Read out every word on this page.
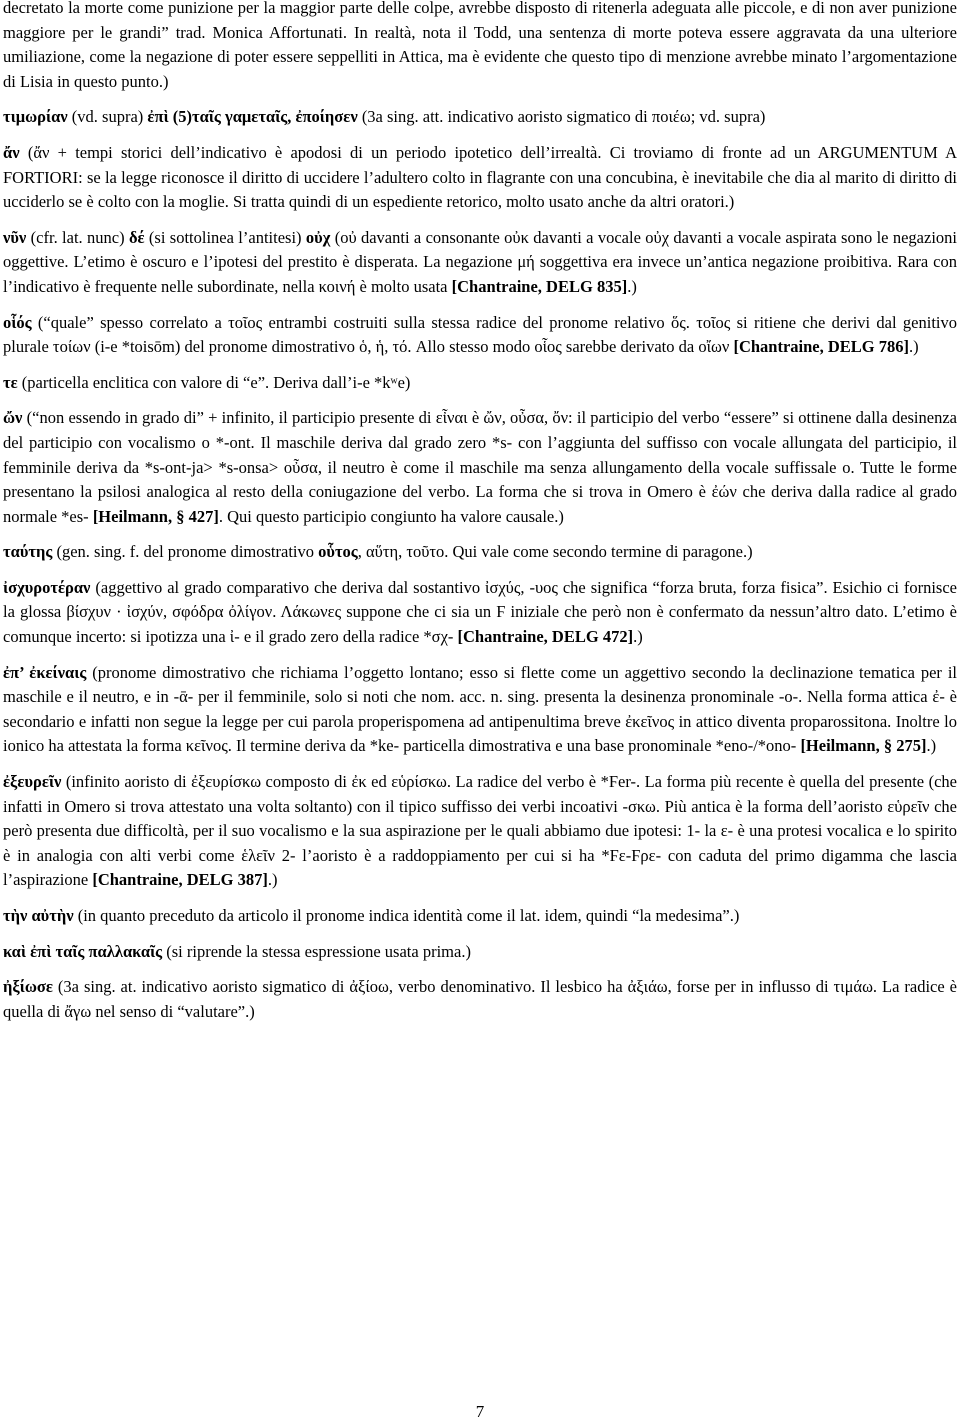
decretato la morte come punizione per la maggior parte delle colpe, avrebbe disposto di ritenerla adeguata alle piccole, e di non aver punizione maggiore per le grandi” trad. Monica Affortunati. In realtà, nota il Todd, una sentenza di morte poteva essere aggravata da una ulteriore umiliazione, come la negazione di poter essere seppelliti in Attica, ma è evidente che questo tipo di menzione avrebbe minato l’argomentazione di Lisia in questo punto.)

τιμωρίαν (vd. supra) ἐπὶ (5)ταῖς γαμεταῖς, ἐποίησεν (3a sing. att. indicativo aoristo sigmatico di ποιέω; vd. supra)

ἄν (ἄν + tempi storici dell’indicativo è apodosi di un periodo ipotetico dell’irrealtà. Ci troviamo di fronte ad un ARGUMENTUM A FORTIORI: se la legge riconosce il diritto di uccidere l’adultero colto in flagrante con una concubina, è inevitabile che dia al marito di diritto di ucciderlo se è colto con la moglie. Si tratta quindi di un espediente retorico, molto usato anche da altri oratori.)

νῦν (cfr. lat. nunc) δέ (si sottolinea l’antitesi) οὐχ (οὐ davanti a consonante οὐκ davanti a vocale οὐχ davanti a vocale aspirata sono le negazioni oggettive. L’etimo è oscuro e l’ipotesi del prestito è disperata. La negazione μή soggettiva era invece un’antica negazione proibitiva. Rara con l’indicativo è frequente nelle subordinate, nella κοινή è molto usata [Chantraine, DELG 835].)

οἷός (“quale” spesso correlato a τοῖος entrambi costruiti sulla stessa radice del pronome relativo ὅς. τοῖος si ritiene che derivi dal genitivo plurale τοίων (i-e *toisōm) del pronome dimostrativo ὁ, ἡ, τό. Allo stesso modo οἷος sarebbe derivato da οἴων [Chantraine, DELG 786].)

τε (particella enclitica con valore di “e”. Deriva dall’i-e *kʷe)

ὤν (“non essendo in grado di” + infinito, il participio presente di εἶναι è ὤν, οὖσα, ὄν: il participio del verbo “essere” si ottinene dalla desinenza del participio con vocalismo o *-ont. Il maschile deriva dal grado zero *s- con l’aggiunta del suffisso con vocale allungata del participio, il femminile deriva da *s-ont-ja> *s-onsa> οὖσα, il neutro è come il maschile ma senza allungamento della vocale suffissale o. Tutte le forme presentano la psilosi analogica al resto della coniugazione del verbo. La forma che si trova in Omero è ἐών che deriva dalla radice al grado normale *es- [Heilmann, § 427]. Qui questo participio congiunto ha valore causale.)

ταύτης (gen. sing. f. del pronome dimostrativo οὗτος, αὕτη, τοῦτο. Qui vale come secondo termine di paragone.)

ἰσχυροτέραν (aggettivo al grado comparativo che deriva dal sostantivo ἰσχύς, -υος che significa “forza bruta, forza fisica”. Esichio ci fornisce la glossa βίσχυν · ἰσχύν, σφόδρα ὀλίγον. Λάκωνες suppone che ci sia un Ϝ iniziale che però non è confermato da nessun’altro dato. L’etimo è comunque incerto: si ipotizza una ἰ- e il grado zero della radice *σχ- [Chantraine, DELG 472].)

ἐπ’ ἐκείναις (pronome dimostrativo che richiama l’oggetto lontano; esso si flette come un aggettivo secondo la declinazione tematica per il maschile e il neutro, e in -ᾱ- per il femminile, solo si noti che nom. acc. n. sing. presenta la desinenza pronominale -o-. Nella forma attica ἐ- è secondario e infatti non segue la legge per cui parola properispomena ad antipenultima breve ἐκεῖνος in attico diventa proparossitona. Inoltre lo ionico ha attestata la forma κεῖνος. Il termine deriva da *ke- particella dimostrativa e una base pronominale *eno-/*ono- [Heilmann, § 275].)

ἐξευρεῖν (infinito aoristo di ἐξευρίσκω composto di ἐκ ed εὑρίσκω. La radice del verbo è *Ϝer-. La forma più recente è quella del presente (che infatti in Omero si trova attestato una volta soltanto) con il tipico suffisso dei verbi incoativi -σκω. Più antica è la forma dell’aoristo εὑρεῖν che però presenta due difficoltà, per il suo vocalismo e la sua aspirazione per le quali abbiamo due ipotesi: 1- la ε- è una protesi vocalica e lo spirito è in analogia con alti verbi come ἑλεῖν 2- l’aoristo è a raddoppiamento per cui si ha *Ϝε-Ϝρε- con caduta del primo digamma che lascia l’aspirazione [Chantraine, DELG 387].)

τὴν αὐτὴν (in quanto preceduto da articolo il pronome indica identità come il lat. idem, quindi “la medesima”.)

καὶ ἐπὶ ταῖς παλλακαῖς (si riprende la stessa espressione usata prima.)

ἠξίωσε (3a sing. at. indicativo aoristo sigmatico di ἀξίοω, verbo denominativo. Il lesbico ha ἀξιάω, forse per in influsso di τιμάω. La radice è quella di ἄγω nel senso di “valutare”.)

7
